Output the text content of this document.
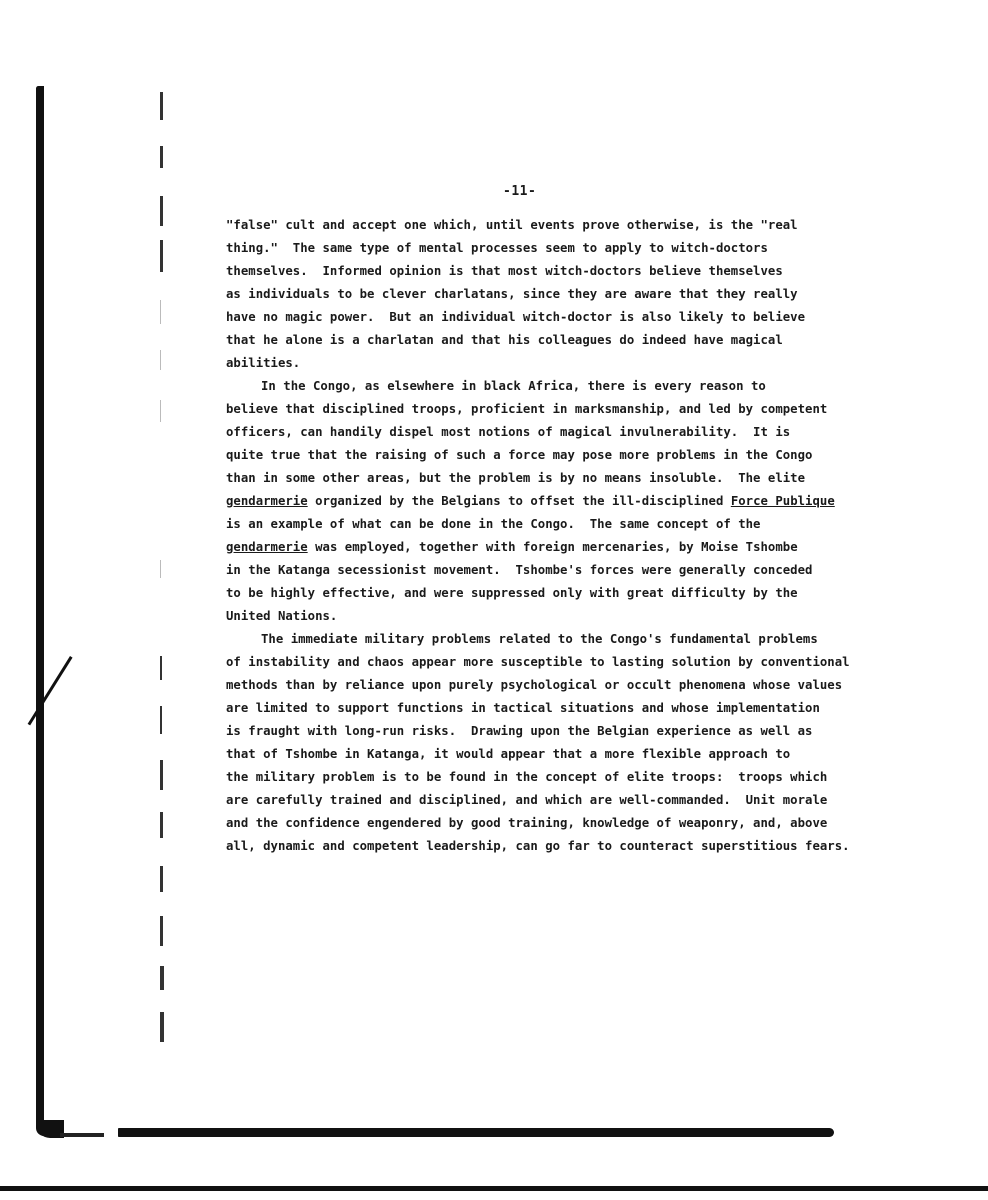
-11-
"false" cult and accept one which, until events prove otherwise, is the "real
thing."  The same type of mental processes seem to apply to witch-doctors
themselves.  Informed opinion is that most witch-doctors believe themselves
as individuals to be clever charlatans, since they are aware that they really
have no magic power.  But an individual witch-doctor is also likely to believe
that he alone is a charlatan and that his colleagues do indeed have magical
abilities.
In the Congo, as elsewhere in black Africa, there is every reason to
believe that disciplined troops, proficient in marksmanship, and led by competent
officers, can handily dispel most notions of magical invulnerability.  It is
quite true that the raising of such a force may pose more problems in the Congo
than in some other areas, but the problem is by no means insoluble.  The elite
gendarmerie organized by the Belgians to offset the ill-disciplined Force Publique
is an example of what can be done in the Congo.  The same concept of the
gendarmerie was employed, together with foreign mercenaries, by Moise Tshombe
in the Katanga secessionist movement.  Tshombe's forces were generally conceded
to be highly effective, and were suppressed only with great difficulty by the
United Nations.
The immediate military problems related to the Congo's fundamental problems
of instability and chaos appear more susceptible to lasting solution by conventional
methods than by reliance upon purely psychological or occult phenomena whose values
are limited to support functions in tactical situations and whose implementation
is fraught with long-run risks.  Drawing upon the Belgian experience as well as
that of Tshombe in Katanga, it would appear that a more flexible approach to
the military problem is to be found in the concept of elite troops:  troops which
are carefully trained and disciplined, and which are well-commanded.  Unit morale
and the confidence engendered by good training, knowledge of weaponry, and, above
all, dynamic and competent leadership, can go far to counteract superstitious fears.
